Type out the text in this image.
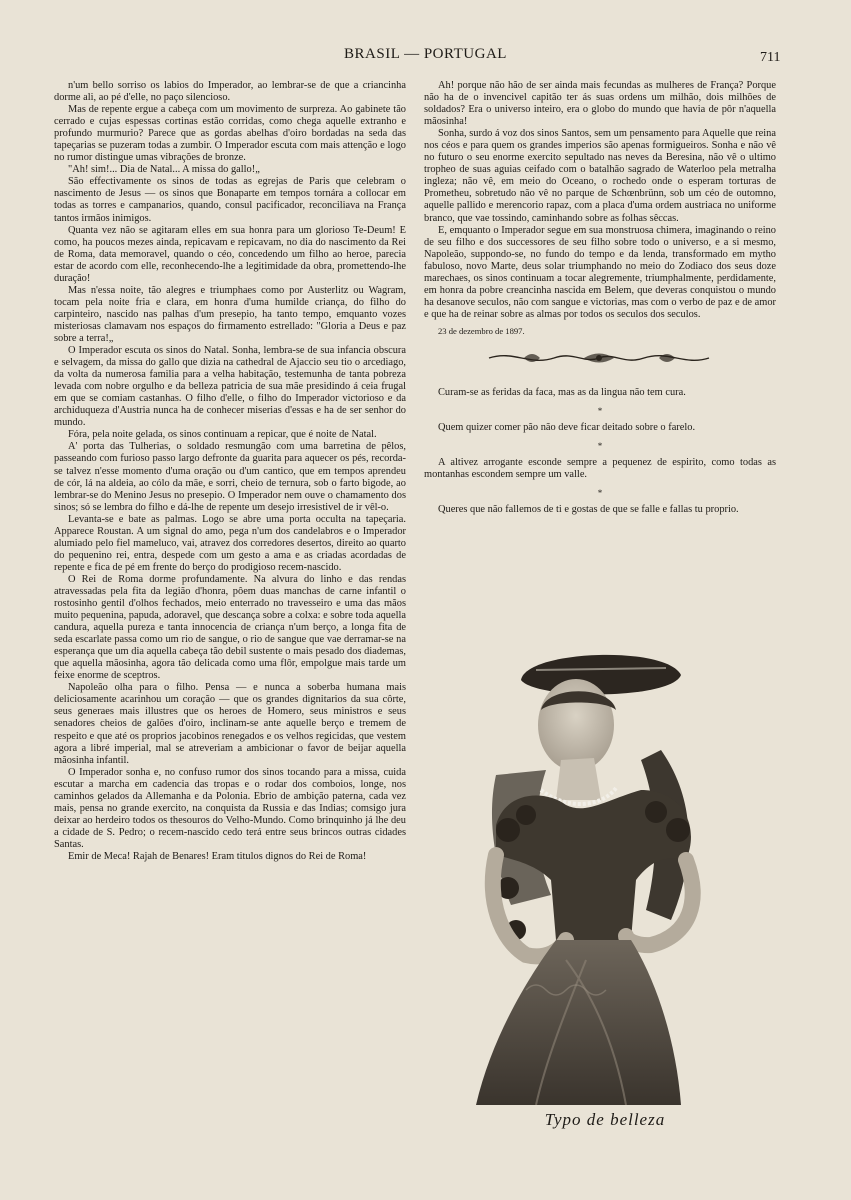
BRASIL — PORTUGAL	711

n'um bello sorriso os labios do Imperador, ao lembrar-se de que a criancinha dorme ali, ao pé d'elle, no paço silencioso.

Mas de repente ergue a cabeça com um movimento de surpreza. Ao gabinete tão cerrado e cujas espessas cortinas estão corridas, como chega aquelle extranho e profundo murmurio? Parece que as gordas abelhas d'oiro bordadas na seda das tapeçarias se puzeram todas a zumbir. O Imperador escuta com mais attenção e logo no rumor distingue umas vibrações de bronze.

"Ah! sim!... Dia de Natal... A missa do gallo!„

São effectivamente os sinos de todas as egrejas de Paris que celebram o nascimento de Jesus — os sinos que Bonaparte em tempos tornára a collocar em todas as torres e campanarios, quando, consul pacificador, reconciliava na França tantos irmãos inimigos.

Quanta vez não se agitaram elles em sua honra para um glorioso Te-Deum! E como, ha poucos mezes ainda, repicavam e repicavam, no dia do nascimento da Rei de Roma, data memoravel, quando o céo, concedendo um filho ao heroe, parecia estar de acordo com elle, reconhecendo-lhe a legitimidade da obra, promettendo-lhe duração!

Mas n'essa noite, tão alegres e triumphaes como por Austerlitz ou Wagram, tocam pela noite fria e clara, em honra d'uma humilde criança, do filho do carpinteiro, nascido nas palhas d'um presepio, ha tanto tempo, emquanto vozes misteriosas clamavam nos espaços do firmamento estrellado: "Gloria a Deus e paz sobre a terra!„

O Imperador escuta os sinos do Natal. Sonha, lembra-se de sua infancia obscura e selvagem, da missa do gallo que dizia na cathedral de Ajaccio seu tio o arcediago, da volta da numerosa familia para a velha habitação, testemunha de tanta pobreza levada com nobre orgulho e da belleza patricia de sua mãe presidindo á ceia frugal em que se comiam castanhas. O filho d'elle, o filho do Imperador victorioso e da archiduqueza d'Austria nunca ha de conhecer miserias d'essas e ha de ser senhor do mundo.

Fóra, pela noite gelada, os sinos continuam a repicar, que é noite de Natal.

A' porta das Tulherias, o soldado resmungão com uma barretina de pêlos, passeando com furioso passo largo defronte da guarita para aquecer os pés, recorda-se talvez n'esse momento d'uma oração ou d'um cantico, que em tempos aprendeu de cór, lá na aldeia, ao cólo da mãe, e sorri, cheio de ternura, sob o farto bigode, ao lembrar-se do Menino Jesus no presepio. O Imperador nem ouve o chamamento dos sinos; só se lembra do filho e dá-lhe de repente um desejo irresistivel de ir vêl-o.

Levanta-se e bate as palmas. Logo se abre uma porta occulta na tapeçaria. Apparece Roustan. A um signal do amo, pega n'um dos candelabros e o Imperador alumiado pelo fiel mameluco, vai, atravez dos corredores desertos, direito ao quarto do pequenino rei, entra, despede com um gesto a ama e as criadas acordadas de repente e fica de pé em frente do berço do prodigioso recem-nascido.

O Rei de Roma dorme profundamente. Na alvura do linho e das rendas atravessadas pela fita da legião d'honra, pôem duas manchas de carne infantil o rostosinho gentil d'olhos fechados, meio enterrado no travesseiro e uma das mãos muito pequenina, papuda, adoravel, que descança sobre a colxa: e sobre toda aquella candura, aquella pureza e tanta innocencia de criança n'um berço, a longa fita de seda escarlate passa como um rio de sangue, o rio de sangue que vae derramar-se na esperança que um dia aquella cabeça tão debil sustente o mais pesado dos diademas, que aquella mãosinha, agora tão delicada como uma flôr, empolgue mais tarde um feixe enorme de sceptros.

Napoleão olha para o filho. Pensa — e nunca a soberba humana mais deliciosamente acarinhou um coração — que os grandes dignitarios da sua côrte, seus generaes mais illustres que os heroes de Homero, seus ministros e seus senadores cheios de galões d'oiro, inclinam-se ante aquelle berço e tremem de respeito e que até os proprios jacobinos renegados e os velhos regicidas, que vestem agora a libré imperial, mal se atreveriam a ambicionar o favor de beijar aquella mãosinha infantil.

O Imperador sonha e, no confuso rumor dos sinos tocando para a missa, cuida escutar a marcha em cadencia das tropas e o rodar dos comboios, longe, nos caminhos gelados da Allemanha e da Polonia. Ebrio de ambição paterna, cada vez mais, pensa no grande exercito, na conquista da Russia e das Indias; comsigo jura deixar ao herdeiro todos os thesouros do Velho-Mundo. Como brinquinho já lhe deu a cidade de S. Pedro; o recem-nascido cedo terá entre seus brincos outras cidades Santas.

Emir de Meca! Rajah de Benares! Eram titulos dignos do Rei de Roma!

Ah! porque não hão de ser ainda mais fecundas as mulheres de França? Porque não ha de o invencivel capitão ter ás suas ordens um milhão, dois milhões de soldados? Era o universo inteiro, era o globo do mundo que havia de pôr n'aquella mãosinha!

Sonha, surdo á voz dos sinos Santos, sem um pensamento para Aquelle que reina nos céos e para quem os grandes imperios são apenas formigueiros. Sonha e não vê no futuro o seu enorme exercito sepultado nas neves da Beresina, não vê o ultimo tropheo de suas aguias ceifado com o batalhão sagrado de Waterloo pela metralha ingleza; não vê, em meio do Oceano, o rochedo onde o esperam torturas de Prometheu, sobretudo não vê no parque de Schœnbrünn, sob um céo de outomno, aquelle pallido e merencorio rapaz, com a placa d'uma ordem austriaca no uniforme branco, que vae tossindo, caminhando sobre as folhas sêccas.

E, emquanto o Imperador segue em sua monstruosa chimera, imaginando o reino de seu filho e dos successores de seu filho sobre todo o universo, e a si mesmo, Napoleão, suppondo-se, no fundo do tempo e da lenda, transformado em mytho fabuloso, novo Marte, deus solar triumphando no meio do Zodiaco dos seus doze marechaes, os sinos continuam a tocar alegremente, triumphalmente, perdidamente, em honra da pobre creancinha nascida em Belem, que deveras conquistou o mundo ha desanove seculos, não com sangue e victorias, mas com o verbo de paz e de amor e que ha de reinar sobre as almas por todos os seculos dos seculos.

23 de dezembro de 1897.

Curam-se as feridas da faca, mas as da lingua não tem cura.

*

Quem quizer comer pão não deve ficar deitado sobre o farelo.

*

A altivez arrogante esconde sempre a pequenez de espirito, como todas as montanhas escondem sempre um valle.

*

Queres que não fallemos de ti e gostas de que se falle e fallas tu proprio.

Typo de belleza
